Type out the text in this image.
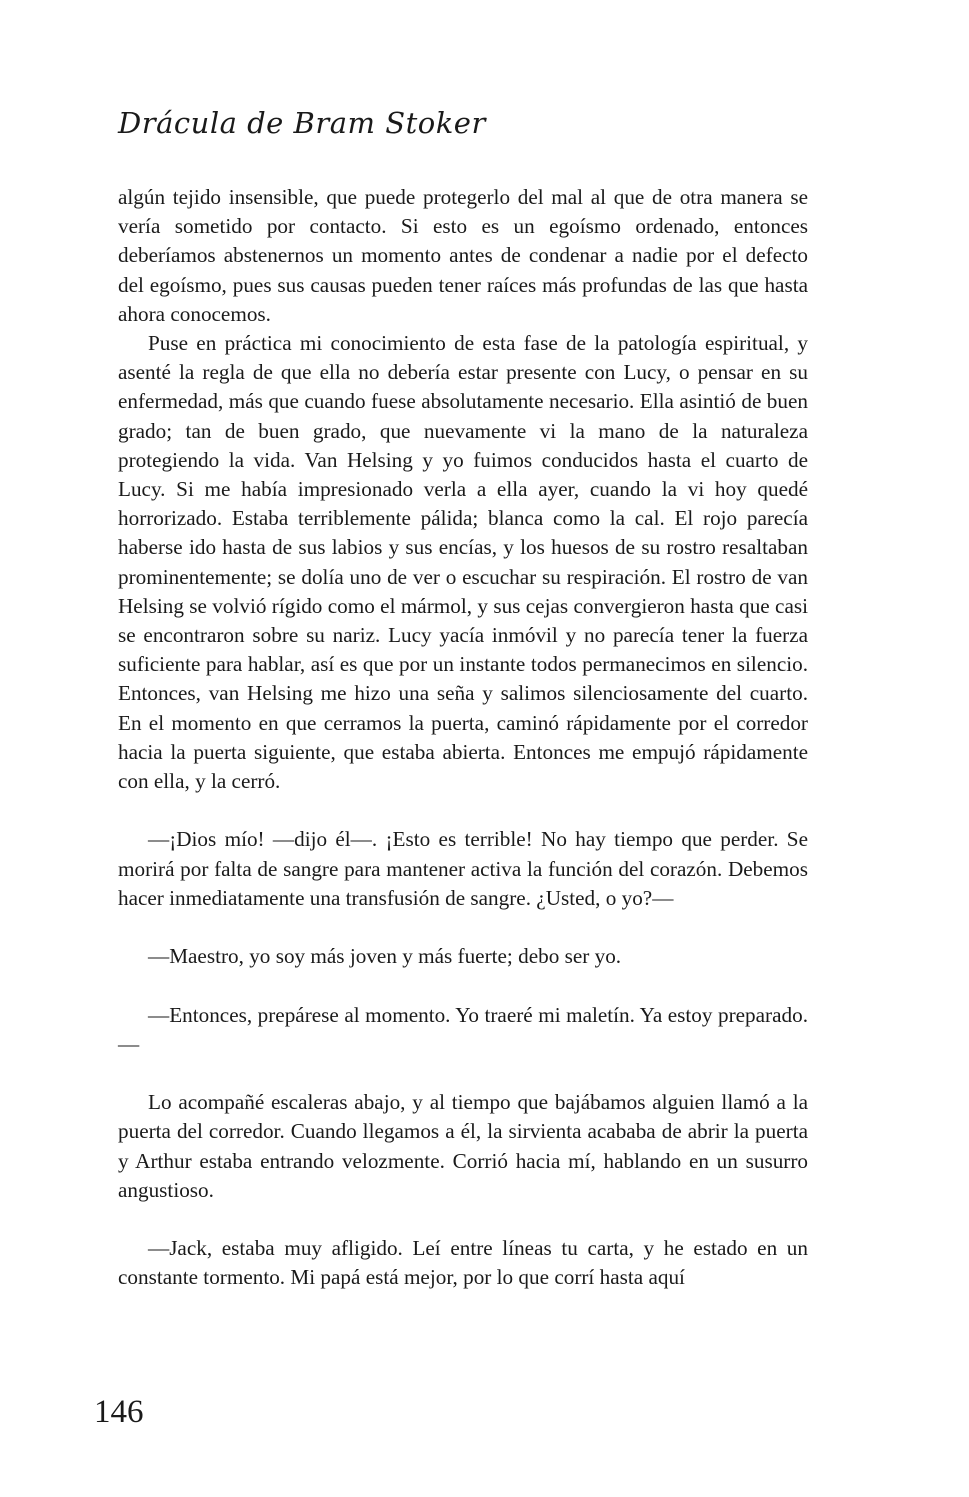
Drácula de Bram Stoker

algún tejido insensible, que puede protegerlo del mal al que de otra manera se vería sometido por contacto. Si esto es un egoísmo ordenado, entonces deberíamos abstenernos un momento antes de condenar a nadie por el defecto del egoísmo, pues sus causas pueden tener raíces más profundas de las que hasta ahora conocemos.

Puse en práctica mi conocimiento de esta fase de la patología espiritual, y asenté la regla de que ella no debería estar presente con Lucy, o pensar en su enfermedad, más que cuando fuese absolutamente necesario. Ella asintió de buen grado; tan de buen grado, que nuevamente vi la mano de la naturaleza protegiendo la vida. Van Helsing y yo fuimos conducidos hasta el cuarto de Lucy. Si me había impresionado verla a ella ayer, cuando la vi hoy quedé horrorizado. Estaba terriblemente pálida; blanca como la cal. El rojo parecía haberse ido hasta de sus labios y sus encías, y los huesos de su rostro resaltaban prominentemente; se dolía uno de ver o escuchar su respiración. El rostro de van Helsing se volvió rígido como el mármol, y sus cejas convergieron hasta que casi se encontraron sobre su nariz. Lucy yacía inmóvil y no parecía tener la fuerza suficiente para hablar, así es que por un instante todos permanecimos en silencio. Entonces, van Helsing me hizo una seña y salimos silenciosamente del cuarto. En el momento en que cerramos la puerta, caminó rápidamente por el corredor hacia la puerta siguiente, que estaba abierta. Entonces me empujó rápidamente con ella, y la cerró.

—¡Dios mío! —dijo él—. ¡Esto es terrible! No hay tiempo que perder. Se morirá por falta de sangre para mantener activa la función del corazón. Debemos hacer inmediatamente una transfusión de sangre. ¿Usted, o yo?—

—Maestro, yo soy más joven y más fuerte; debo ser yo.

—Entonces, prepárese al momento. Yo traeré mi maletín. Ya estoy preparado.—

Lo acompañé escaleras abajo, y al tiempo que bajábamos alguien llamó a la puerta del corredor. Cuando llegamos a él, la sirvienta acababa de abrir la puerta y Arthur estaba entrando velozmente. Corrió hacia mí, hablando en un susurro angustioso.

—Jack, estaba muy afligido. Leí entre líneas tu carta, y he estado en un constante tormento. Mi papá está mejor, por lo que corrí hasta aquí

146
